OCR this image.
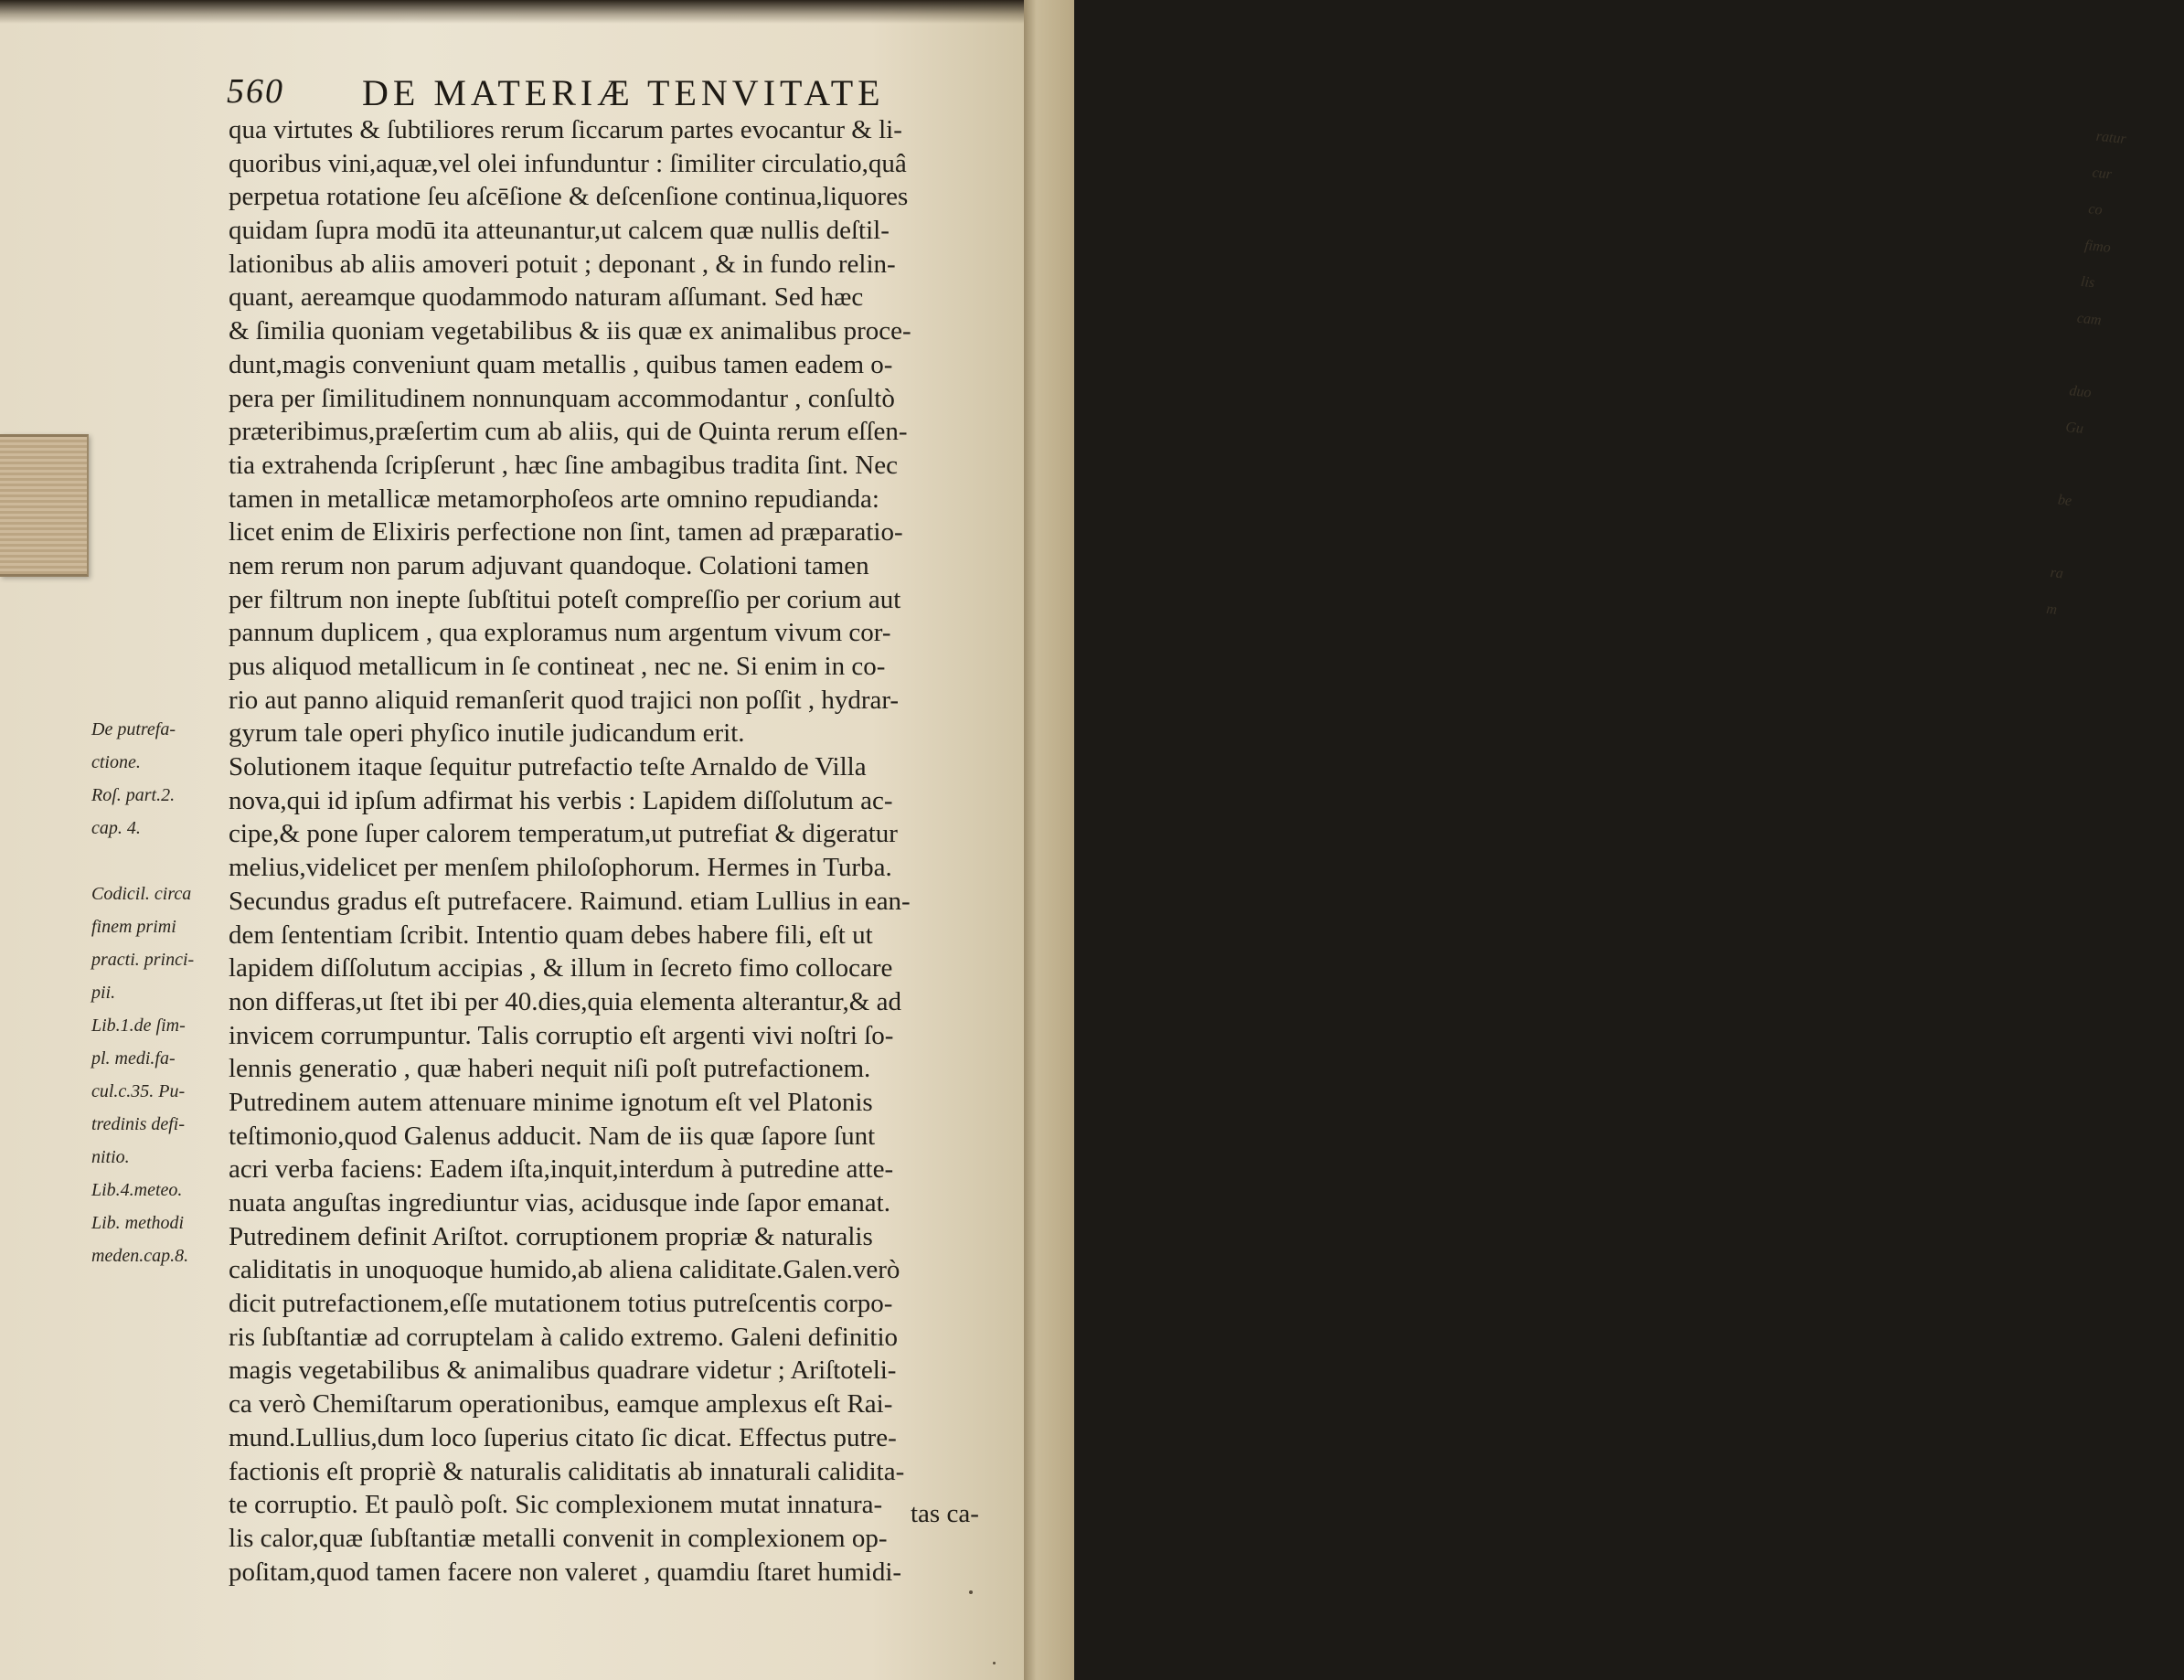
560 DE MATERIÆ TENVITATE
qua virtutes & ſubtiliores rerum ſiccarum partes evocantur & li-
quoribus vini,aquæ,vel olei infunduntur : ſimiliter circulatio,quâ
perpetua rotatione ſeu aſcēſione & deſcenſione continua,liquores
quidam ſupra modū ita atteunantur,ut calcem quæ nullis deſtil-
lationibus ab aliis amoveri potuit ; deponant , & in fundo relin-
quant, aereamque quodammodo naturam aſſumant. Sed hæc
& ſimilia quoniam vegetabilibus & iis quæ ex animalibus proce-
dunt,magis conveniunt quam metallis , quibus tamen eadem o-
pera per ſimilitudinem nonnunquam accommodantur , conſultò
præteribimus,præſertim cum ab aliis, qui de Quinta rerum eſſen-
tia extrahenda ſcripſerunt , hæc ſine ambagibus tradita ſint. Nec
tamen in metallicæ metamorphoſeos arte omnino repudianda:
licet enim de Elixiris perfectione non ſint, tamen ad præparatio-
nem rerum non parum adjuvant quandoque. Colationi tamen
per filtrum non inepte ſubſtitui poteſt compreſſio per corium aut
pannum duplicem , qua exploramus num argentum vivum cor-
pus aliquod metallicum in ſe contineat , nec ne. Si enim in co-
rio aut panno aliquid remanſerit quod trajici non poſſit , hydrar-
gyrum tale operi phyſico inutile judicandum erit.
Solutionem itaque ſequitur putrefactio teſte Arnaldo de Villa
nova,qui id ipſum adfirmat his verbis : Lapidem diſſolutum ac-
cipe,& pone ſuper calorem temperatum,ut putrefiat & digeratur
melius,videlicet per menſem philoſophorum. Hermes in Turba.
Secundus gradus eſt putrefacere. Raimund. etiam Lullius in ean-
dem ſententiam ſcribit. Intentio quam debes habere fili, eſt ut
lapidem diſſolutum accipias , & illum in ſecreto fimo collocare
non differas,ut ſtet ibi per 40.dies,quia elementa alterantur,& ad
invicem corrumpuntur. Talis corruptio eſt argenti vivi noſtri ſo-
lennis generatio , quæ haberi nequit niſi poſt putrefactionem.
Putredinem autem attenuare minime ignotum eſt vel Platonis
teſtimonio,quod Galenus adducit. Nam de iis quæ ſapore ſunt
acri verba faciens: Eadem iſta,inquit,interdum à putredine atte-
nuata anguſtas ingrediuntur vias, acidusque inde ſapor emanat.
Putredinem definit Ariſtot. corruptionem propriæ & naturalis
caliditatis in unoquoque humido,ab aliena caliditate.Galen.verò
dicit putrefactionem,eſſe mutationem totius putreſcentis corpo-
ris ſubſtantiæ ad corruptelam à calido extremo. Galeni definitio
magis vegetabilibus & animalibus quadrare videtur ; Ariſtoteli-
ca verò Chemiſtarum operationibus, eamque amplexus eſt Rai-
mund.Lullius,dum loco ſuperius citato ſic dicat. Effectus putre-
factionis eſt propriè & naturalis caliditatis ab innaturali calidita-
te corruptio. Et paulò poſt. Sic complexionem mutat innatura-
lis calor,quæ ſubſtantiæ metalli convenit in complexionem op-
poſitam,quod tamen facere non valeret , quamdiu ſtaret humidi-
De putrefa-
ctione.
Roſ. part.2.
cap. 4.
Codicil. circa
finem primi
practi. princi-
pii.
Lib.1.de ſim-
pl. medi.fa-
cul.c.35. Pu-
tredinis defi-
nitio.
Lib.4.meteo.
Lib. methodi
meden.cap.8.
tas ca-

ratur
cur
co
fimo
lis
cam

duo
Gu

be

ra
m
